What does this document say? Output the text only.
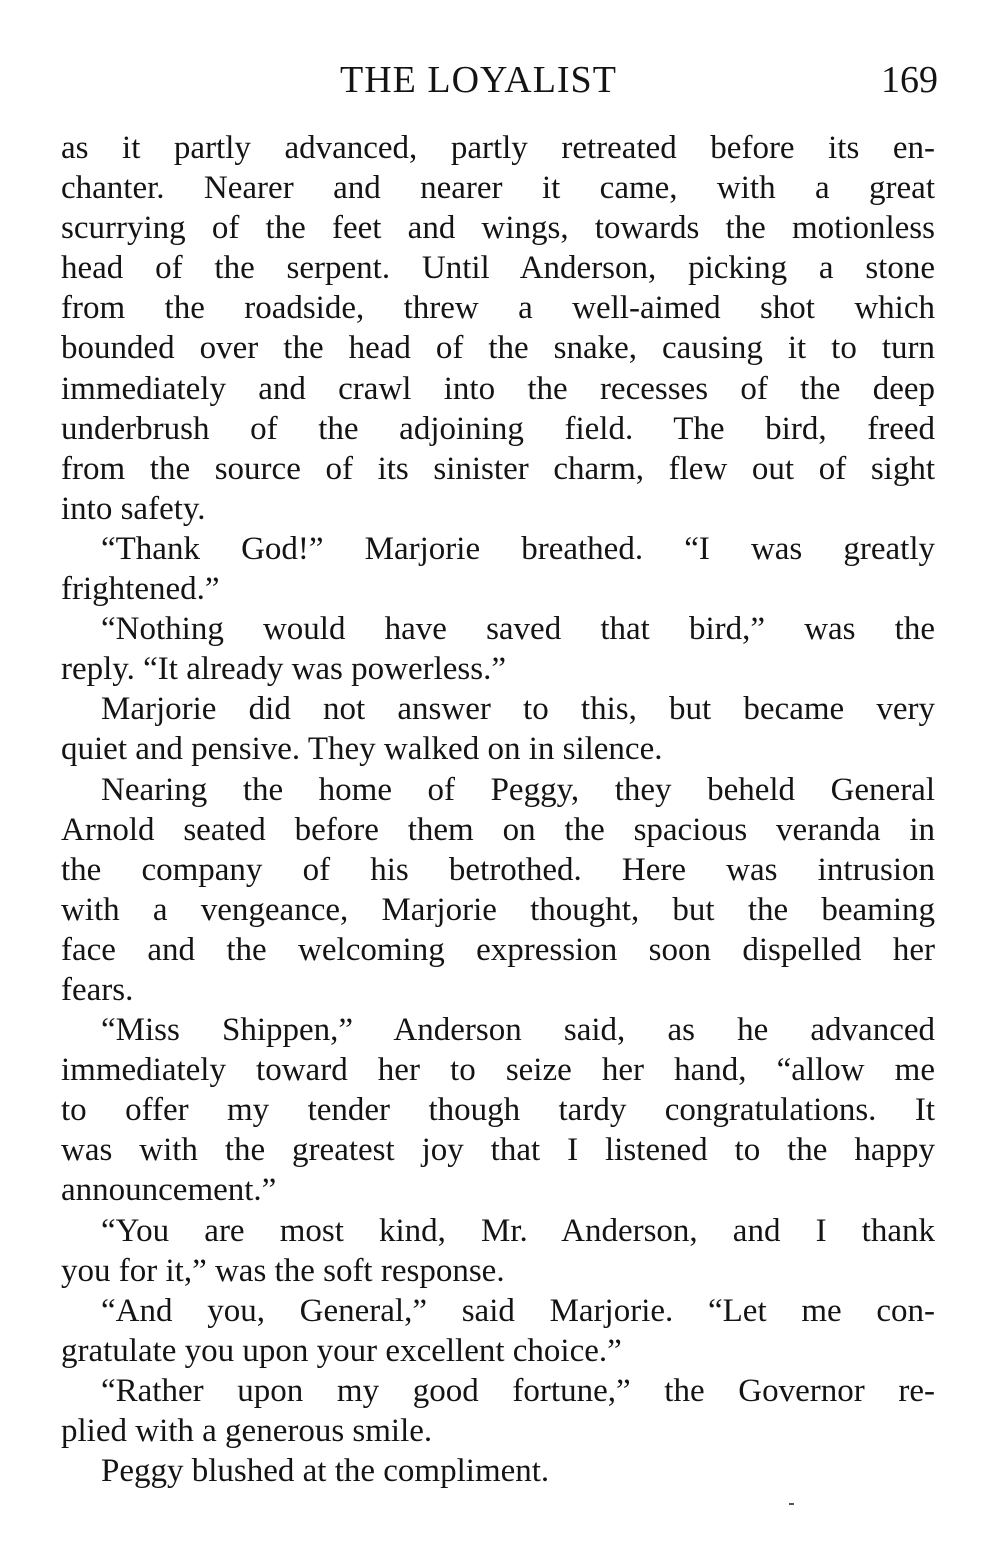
THE LOYALIST	169
as it partly advanced, partly retreated before its en-
chanter. Nearer and nearer it came, with a great
scurrying of the feet and wings, towards the motionless
head of the serpent. Until Anderson, picking a stone
from the roadside, threw a well-aimed shot which
bounded over the head of the snake, causing it to turn
immediately and crawl into the recesses of the deep
underbrush of the adjoining field. The bird, freed
from the source of its sinister charm, flew out of sight
into safety.
“Thank God!” Marjorie breathed. “I was greatly
frightened.”
“Nothing would have saved that bird,” was the
reply. “It already was powerless.”
Marjorie did not answer to this, but became very
quiet and pensive. They walked on in silence.
Nearing the home of Peggy, they beheld General
Arnold seated before them on the spacious veranda in
the company of his betrothed. Here was intrusion
with a vengeance, Marjorie thought, but the beaming
face and the welcoming expression soon dispelled her
fears.
“Miss Shippen,” Anderson said, as he advanced
immediately toward her to seize her hand, “allow me
to offer my tender though tardy congratulations. It
was with the greatest joy that I listened to the happy
announcement.”
“You are most kind, Mr. Anderson, and I thank
you for it,” was the soft response.
“And you, General,” said Marjorie. “Let me con-
gratulate you upon your excellent choice.”
“Rather upon my good fortune,” the Governor re-
plied with a generous smile.
Peggy blushed at the compliment.
